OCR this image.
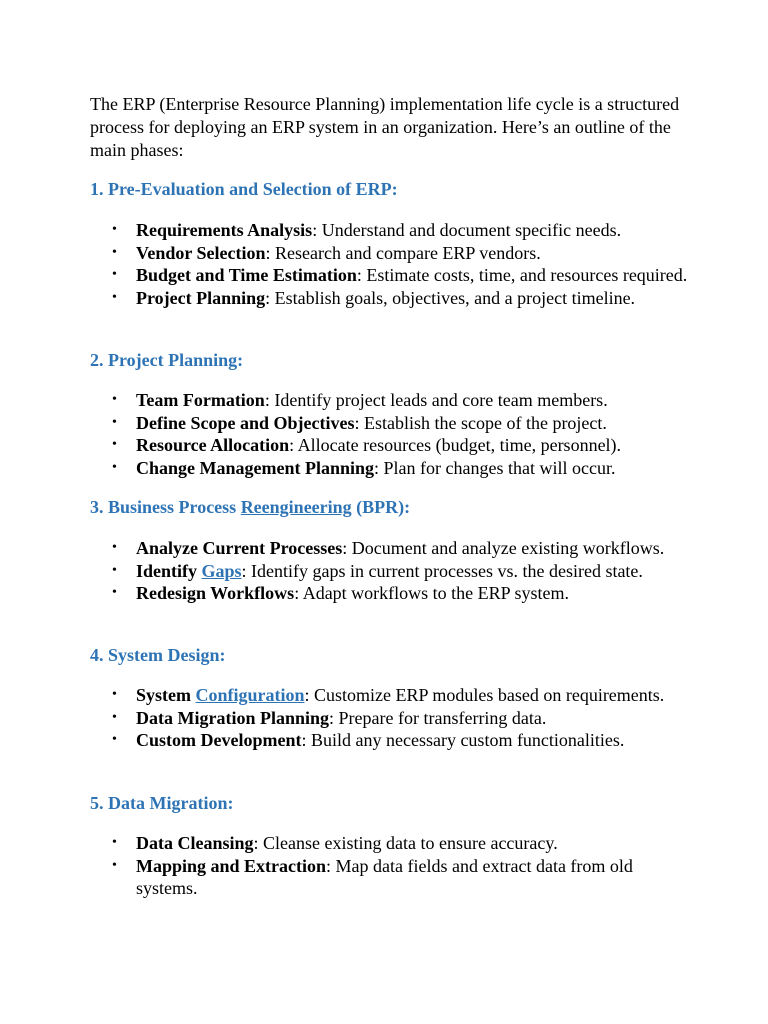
The ERP (Enterprise Resource Planning) implementation life cycle is a structured process for deploying an ERP system in an organization. Here’s an outline of the main phases:

1. Pre-Evaluation and Selection of ERP:
• Requirements Analysis: Understand and document specific needs.
• Vendor Selection: Research and compare ERP vendors.
• Budget and Time Estimation: Estimate costs, time, and resources required.
• Project Planning: Establish goals, objectives, and a project timeline.
2. Project Planning:
• Team Formation: Identify project leads and core team members.
• Define Scope and Objectives: Establish the scope of the project.
• Resource Allocation: Allocate resources (budget, time, personnel).
• Change Management Planning: Plan for changes that will occur.
3. Business Process Reengineering (BPR):
• Analyze Current Processes: Document and analyze existing workflows.
• Identify Gaps: Identify gaps in current processes vs. the desired state.
• Redesign Workflows: Adapt workflows to the ERP system.
4. System Design:
• System Configuration: Customize ERP modules based on requirements.
• Data Migration Planning: Prepare for transferring data.
• Custom Development: Build any necessary custom functionalities.
5. Data Migration:
• Data Cleansing: Cleanse existing data to ensure accuracy.
• Mapping and Extraction: Map data fields and extract data from old systems.
